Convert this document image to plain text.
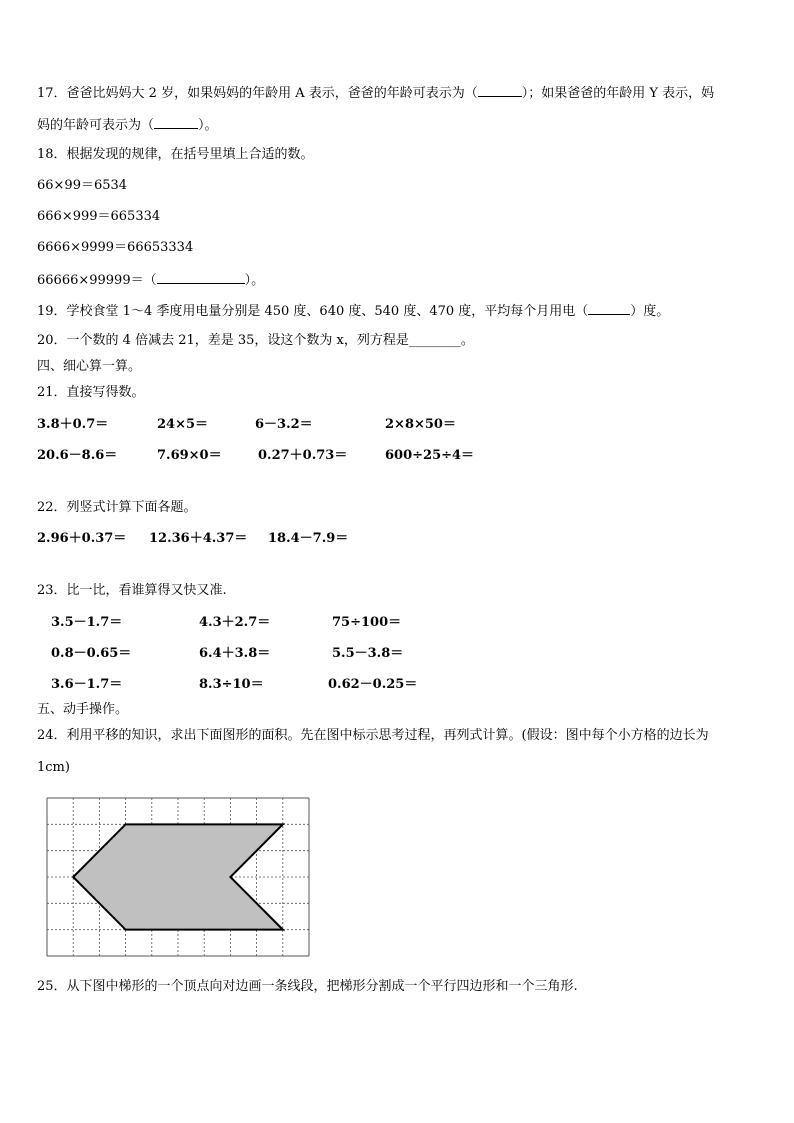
17．爸爸比妈妈大 2 岁，如果妈妈的年龄用 A 表示，爸爸的年龄可表示为（	）；如果爸爸的年龄用 Y 表示，妈
妈的年龄可表示为（	）。
18．根据发现的规律，在括号里填上合适的数。
66×99＝6534
666×999＝665334
6666×9999＝66653334
66666×99999＝（	）。
19．学校食堂 1～4 季度用电量分别是 450 度、640 度、540 度、470 度，平均每个月用电（	）度。
20．一个数的 4 倍减去 21，差是 35，设这个数为 x，列方程是________。
四、细心算一算。
21．直接写得数。
3.8＋0.7＝	24×5＝	6－3.2＝	2×8×50＝
20.6－8.6＝	7.69×0＝	0.27＋0.73＝	600÷25÷4＝
22．列竖式计算下面各题。
2.96＋0.37＝ 12.36＋4.37＝ 18.4－7.9＝
23．比一比，看谁算得又快又准.
3.5－1.7＝	4.3＋2.7＝	75÷100＝
0.8－0.65＝	6.4＋3.8＝	5.5－3.8＝
3.6－1.7＝	8.3÷10＝	0.62－0.25＝
五、动手操作。
24．利用平移的知识，求出下面图形的面积。先在图中标示思考过程，再列式计算。(假设：图中每个小方格的边长为
1cm)
25．从下图中梯形的一个顶点向对边画一条线段，把梯形分割成一个平行四边形和一个三角形.
